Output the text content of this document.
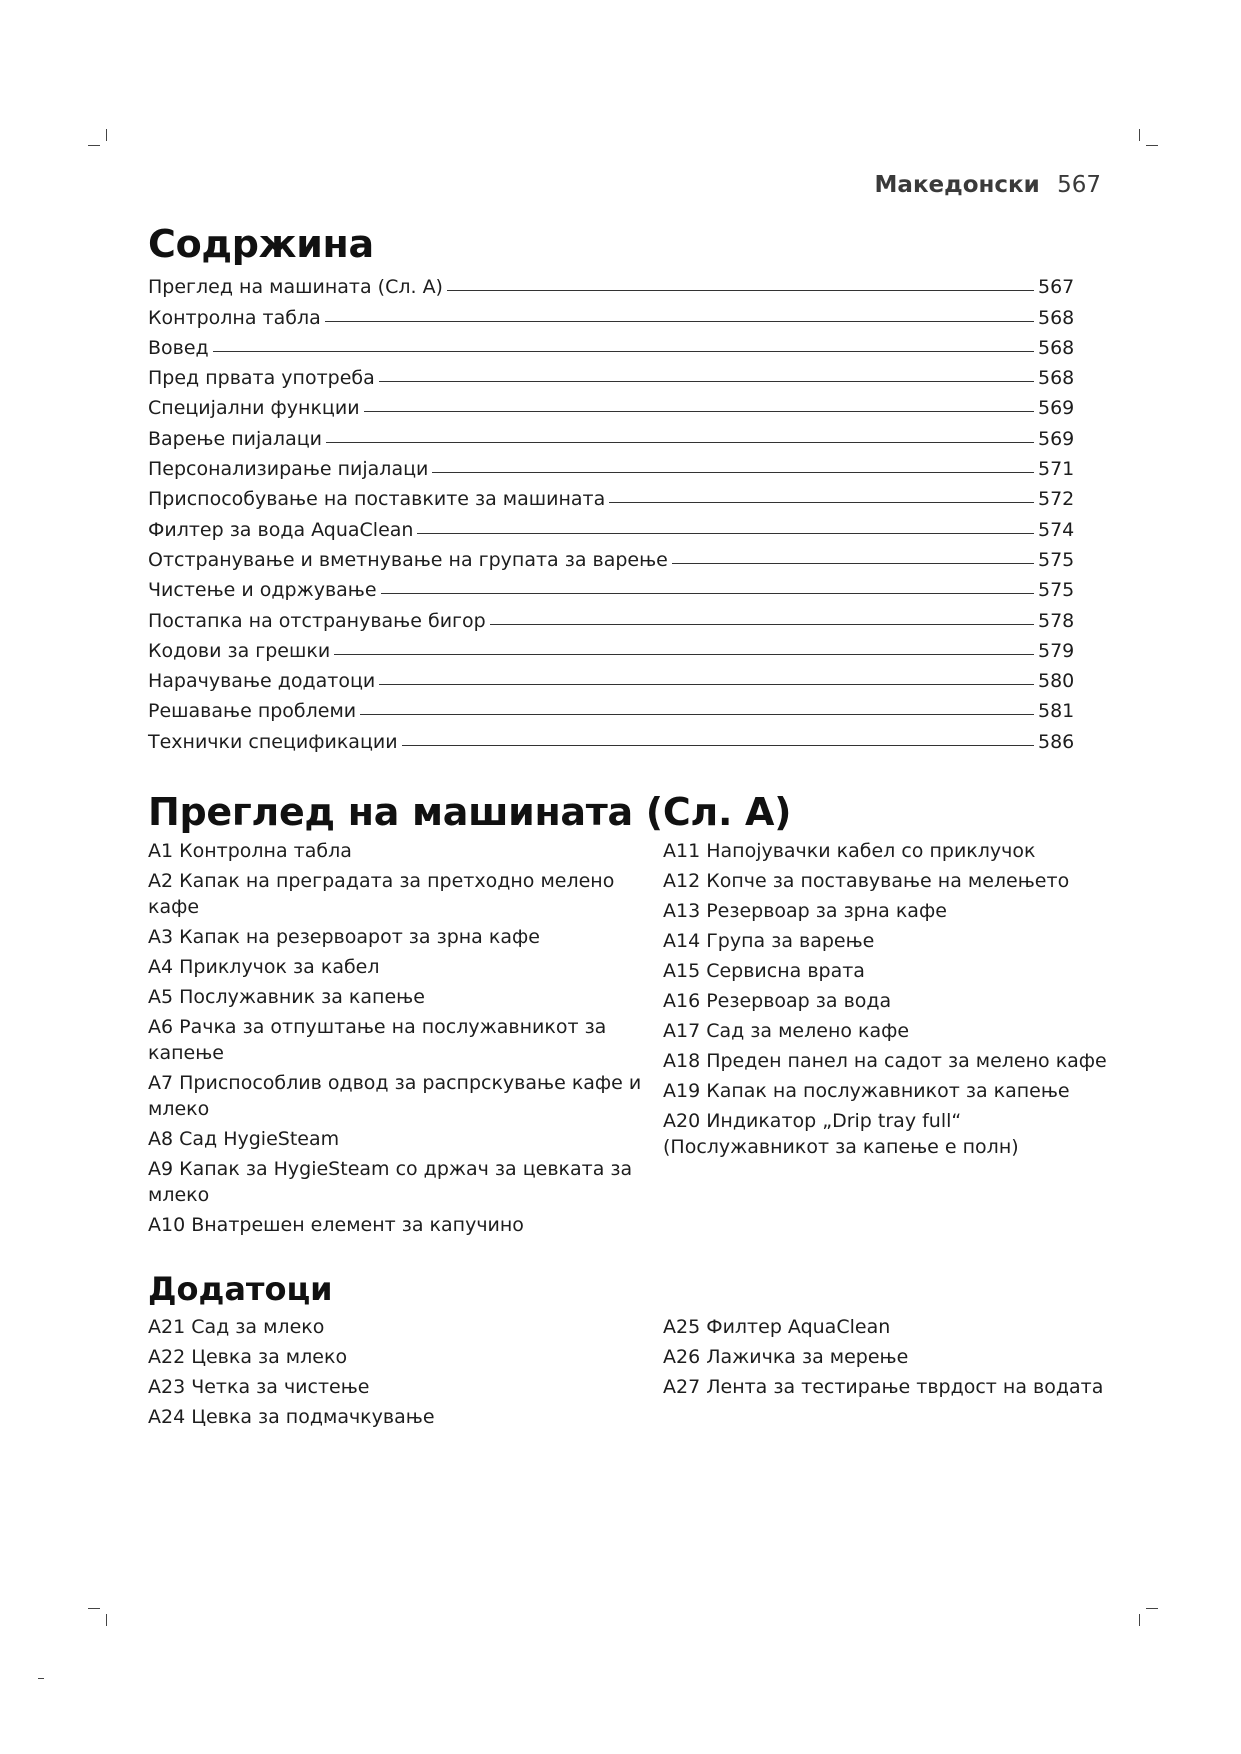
Македонски 567
Содржина
Преглед на машината (Сл. A)	567
Контролна табла	568
Вовед	568
Пред првата употреба	568
Специјални функции	569
Варење пијалаци	569
Персонализирање пијалаци	571
Приспособување на поставките за машината	572
Филтер за вода AquaClean	574
Отстранување и вметнување на групата за варење	575
Чистење и одржување	575
Постапка на отстранување бигор	578
Кодови за грешки	579
Нарачување додатоци	580
Решавање проблеми	581
Технички спецификации	586
Преглед на машината (Сл. A)
A1 Контролна табла
A2 Капак на преградата за претходно мелено кафе
A3 Капак на резервоарот за зрна кафе
A4 Приклучок за кабел
A5 Послужавник за капење
A6 Рачка за отпуштање на послужавникот за капење
A7 Приспособлив одвод за распрскување кафе и млеко
A8 Сад HygieSteam
A9 Капак за HygieSteam со држач за цевката за млеко
A10 Внатрешен елемент за капучино
A11 Напојувачки кабел со приклучок
A12 Копче за поставување на мелењето
A13 Резервоар за зрна кафе
A14 Група за варење
A15 Сервисна врата
A16 Резервоар за вода
A17 Сад за мелено кафе
A18 Преден панел на садот за мелено кафе
A19 Капак на послужавникот за капење
A20 Индикатор „Drip tray full“ (Послужавникот за капење е полн)
Додатоци
A21 Сад за млеко
A22 Цевка за млеко
A23 Четка за чистење
A24 Цевка за подмачкување
A25 Филтер AquaClean
A26 Лажичка за мерење
A27 Лента за тестирање тврдост на водата
